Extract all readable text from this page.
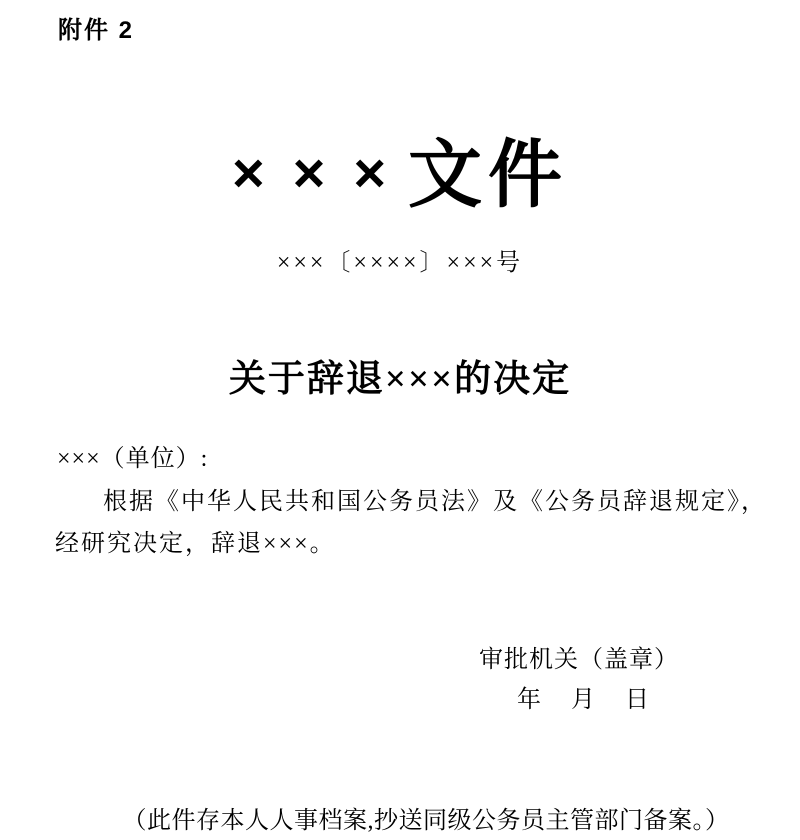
附件 2
×××
文件
×××〔××××〕×××号
关于辞退×××的决定
×××（单位）:
根据《中华人民共和国公务员法》及《公务员辞退规定》，
经研究决定，辞退×××。
审批机关（盖章）
年　月　日
（此件存本人人事档案,抄送同级公务员主管部门备案。）
